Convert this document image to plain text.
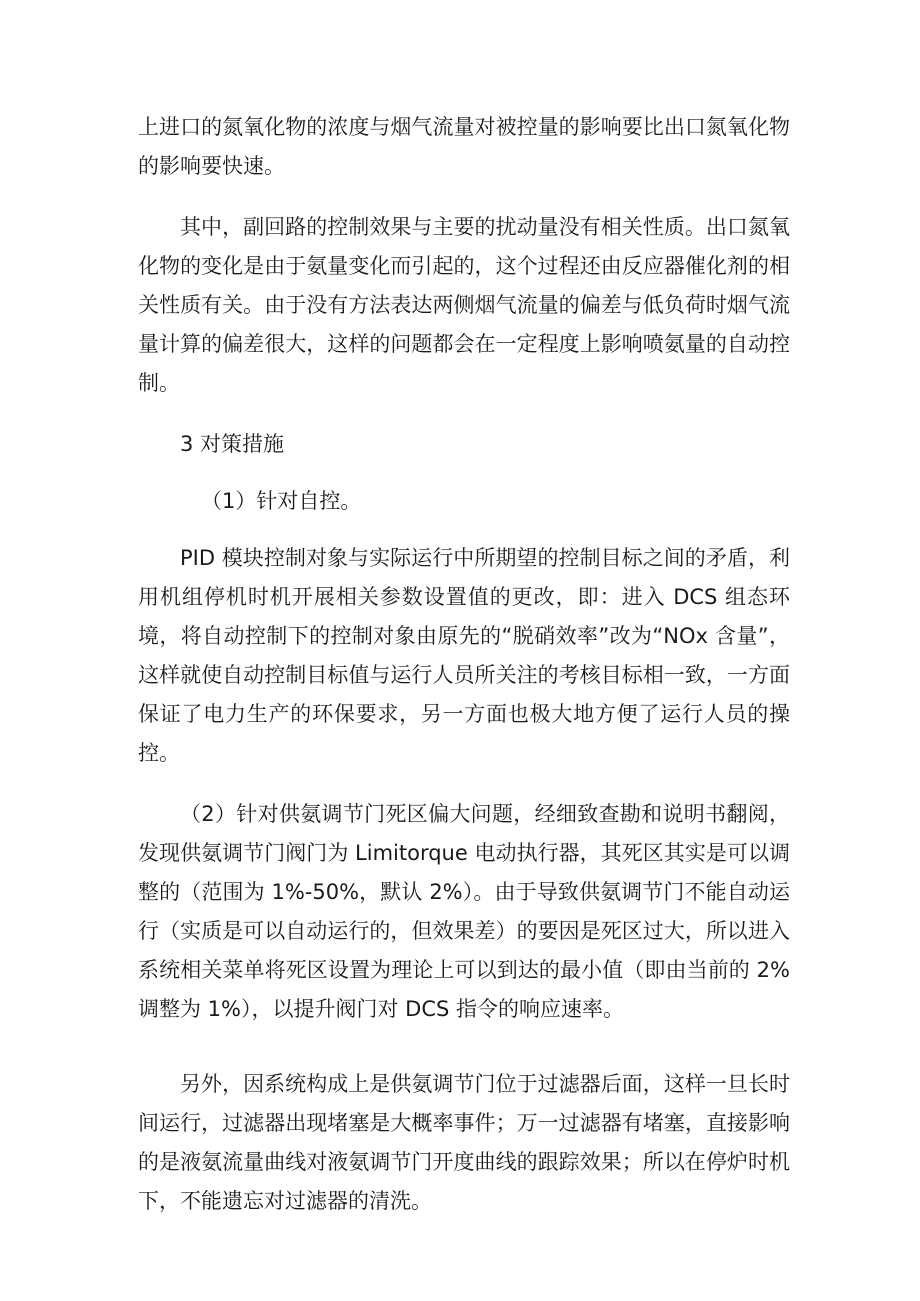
上进口的氮氧化物的浓度与烟气流量对被控量的影响要比出口氮氧化物的影响要快速。

其中，副回路的控制效果与主要的扰动量没有相关性质。出口氮氧化物的变化是由于氨量变化而引起的，这个过程还由反应器催化剂的相关性质有关。由于没有方法表达两侧烟气流量的偏差与低负荷时烟气流量计算的偏差很大，这样的问题都会在一定程度上影响喷氨量的自动控制。

3 对策措施

（1）针对自控。

PID 模块控制对象与实际运行中所期望的控制目标之间的矛盾，利用机组停机时机开展相关参数设置值的更改，即：进入 DCS 组态环境，将自动控制下的控制对象由原先的“脱硝效率”改为“NOx 含量”，这样就使自动控制目标值与运行人员所关注的考核目标相一致，一方面保证了电力生产的环保要求，另一方面也极大地方便了运行人员的操控。

（2）针对供氨调节门死区偏大问题，经细致查勘和说明书翻阅，发现供氨调节门阀门为 Limitorque 电动执行器，其死区其实是可以调整的（范围为 1%-50%，默认 2%）。由于导致供氨调节门不能自动运行（实质是可以自动运行的，但效果差）的要因是死区过大，所以进入系统相关菜单将死区设置为理论上可以到达的最小值（即由当前的 2%调整为 1%），以提升阀门对 DCS 指令的响应速率。

另外，因系统构成上是供氨调节门位于过滤器后面，这样一旦长时间运行，过滤器出现堵塞是大概率事件；万一过滤器有堵塞，直接影响的是液氨流量曲线对液氨调节门开度曲线的跟踪效果；所以在停炉时机下，不能遗忘对过滤器的清洗。
